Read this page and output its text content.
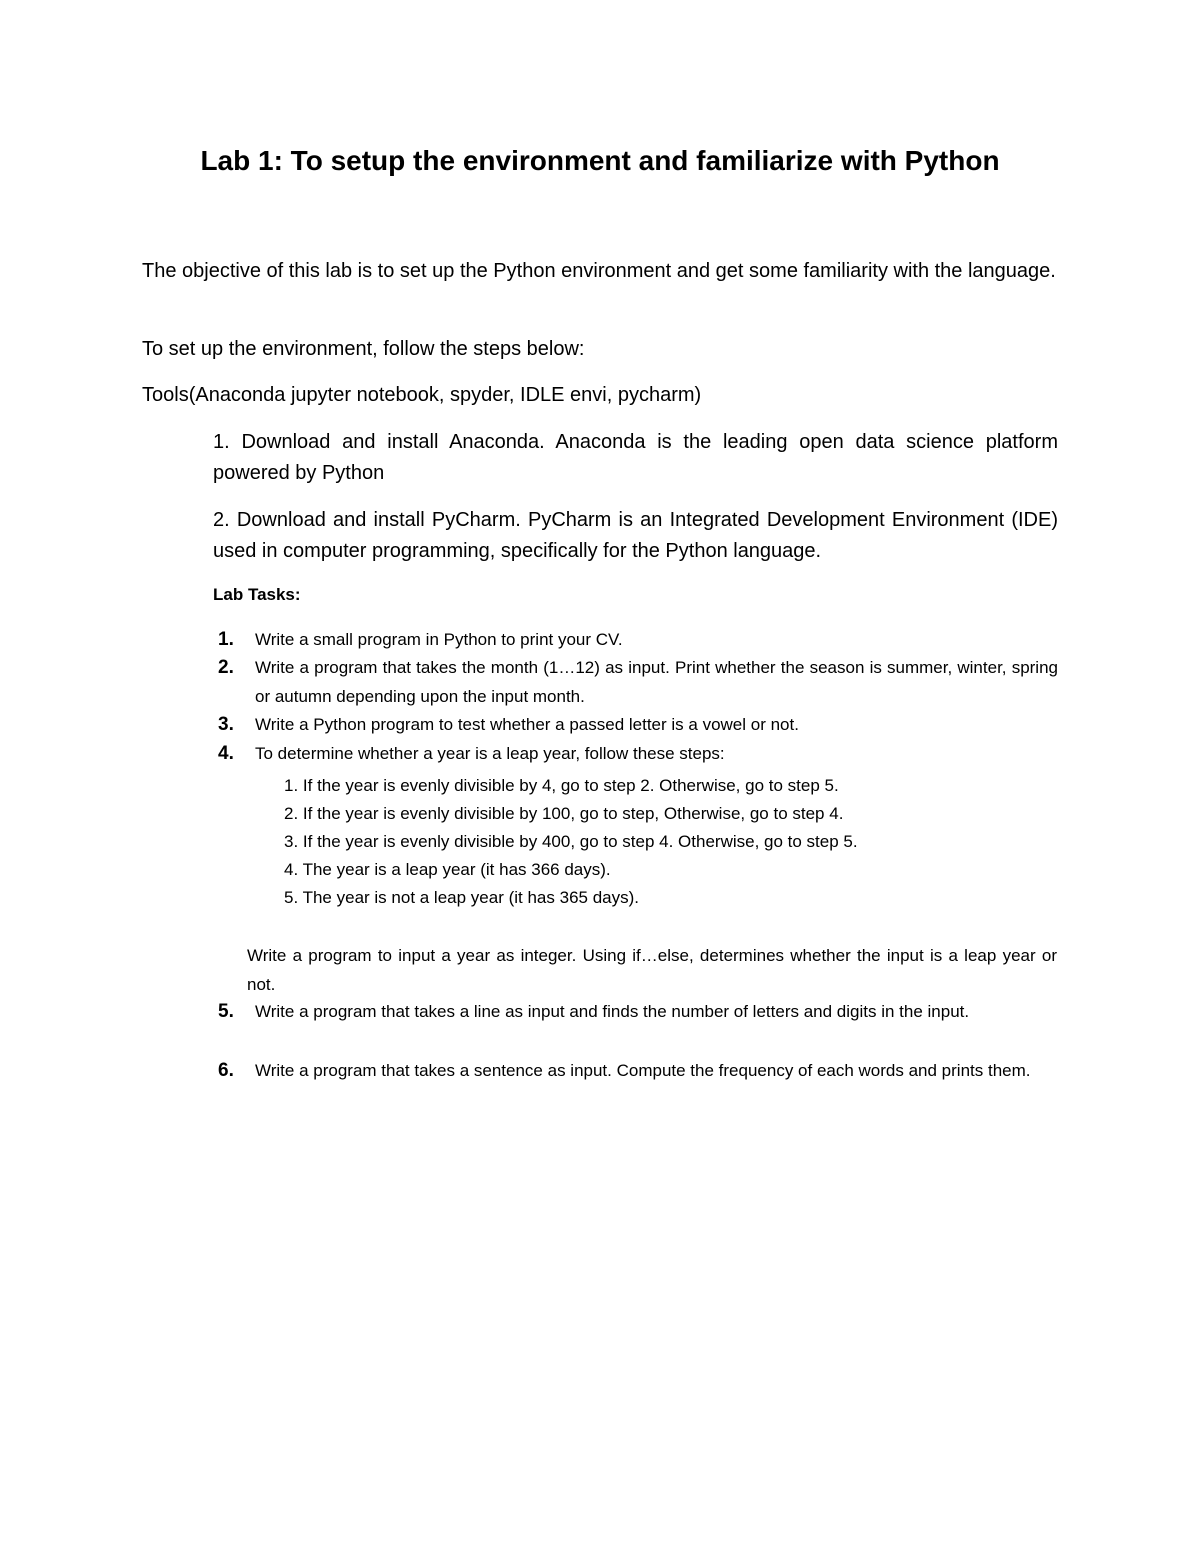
Lab 1: To setup the environment and familiarize with Python

The objective of this lab is to set up the Python environment and get some familiarity with the language.

To set up the environment, follow the steps below:

Tools(Anaconda jupyter notebook, spyder, IDLE envi, pycharm)

1. Download and install Anaconda. Anaconda is the leading open data science platform powered by Python

2. Download and install PyCharm. PyCharm is an Integrated Development Environment (IDE) used in computer programming, specifically for the Python language.

Lab Tasks:

1. Write a small program in Python to print your CV.
2. Write a program that takes the month (1…12) as input. Print whether the season is summer, winter, spring or autumn depending upon the input month.
3. Write a Python program to test whether a passed letter is a vowel or not.
4. To determine whether a year is a leap year, follow these steps:

1. If the year is evenly divisible by 4, go to step 2. Otherwise, go to step 5.

2. If the year is evenly divisible by 100, go to step, Otherwise, go to step 4.

3. If the year is evenly divisible by 400, go to step 4. Otherwise, go to step 5.

4. The year is a leap year (it has 366 days).

5. The year is not a leap year (it has 365 days).

Write a program to input a year as integer. Using if…else, determines whether the input is a leap year or not.

5. Write a program that takes a line as input and finds the number of letters and digits in the input.
6. Write a program that takes a sentence as input. Compute the frequency of each words and prints them.
